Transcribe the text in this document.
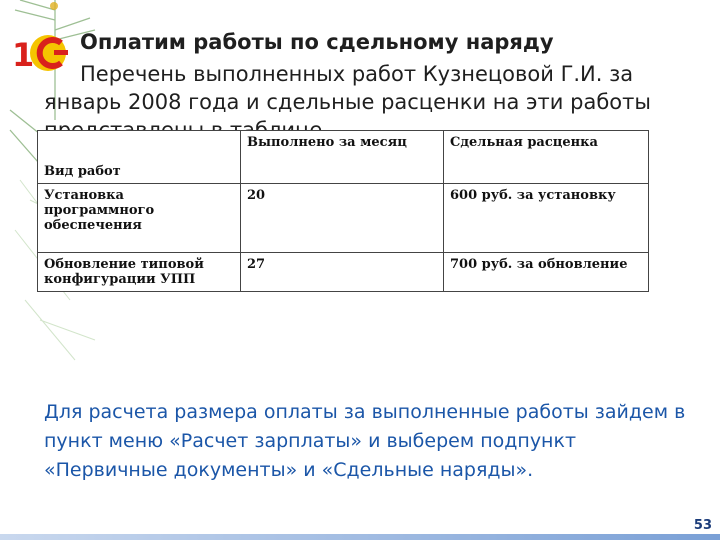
1 Оплатим работы по сдельному наряду
Перечень выполненных работ Кузнецовой Г.И. за январь 2008 года и сдельные расценки на эти работы
Вид работ	Выполнено за месяц	Сдельная расценка
Установка программного обеспечения	20	600 руб. за установку
Обновление типовой конфигурации УПП	27	700 руб. за обновление
Для расчета размера оплаты за выполненные работы зайдем в пункт меню «Расчет зарплаты» и выберем подпункт «Первичные документы» и «Сдельные наряды».
53
